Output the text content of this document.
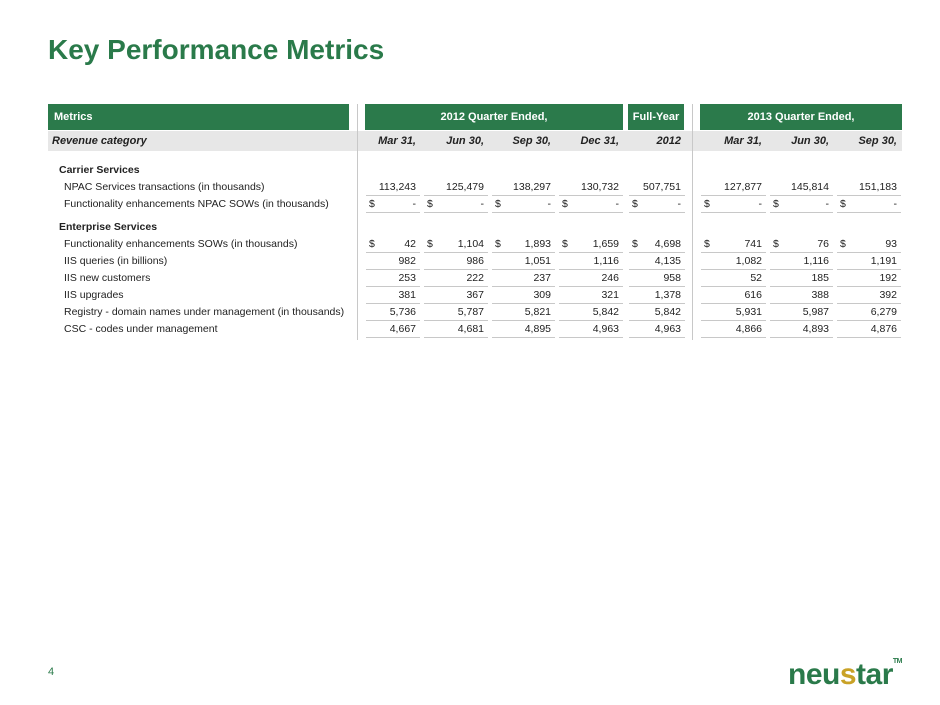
Key Performance Metrics
Metrics	2012 Quarter Ended,	Full-Year	2013 Quarter Ended,
Revenue category	Mar 31,	Jun 30,	Sep 30,	Dec 31,	2012	Mar 31,	Jun 30,	Sep 30,
Carrier Services
NPAC Services transactions (in thousands)	113,243	125,479	138,297	130,732 507,751	127,877	145,814	151,183
Functionality enhancements NPAC SOWs (in thousands)	$	- $	- $	- $	- $	- $	- $	- $	-
Enterprise Services
Functionality enhancements SOWs (in thousands)	$	42 $ 1,104 $ 1,893 $ 1,659 $ 4,698 $	741 $	76 $	93
IIS queries (in billions)	982	986	1,051	1,116	4,135	1,082	1,116	1,191
IIS new customers	253	222	237	246	958	52	185	192
IIS upgrades	381	367	309	321	1,378	616	388	392
Registry - domain names under management (in thousands)	5,736	5,787	5,821	5,842	5,842	5,931	5,987	6,279
CSC - codes under management	4,667	4,681	4,895	4,963	4,963	4,866	4,893	4,876
4	neustar™
